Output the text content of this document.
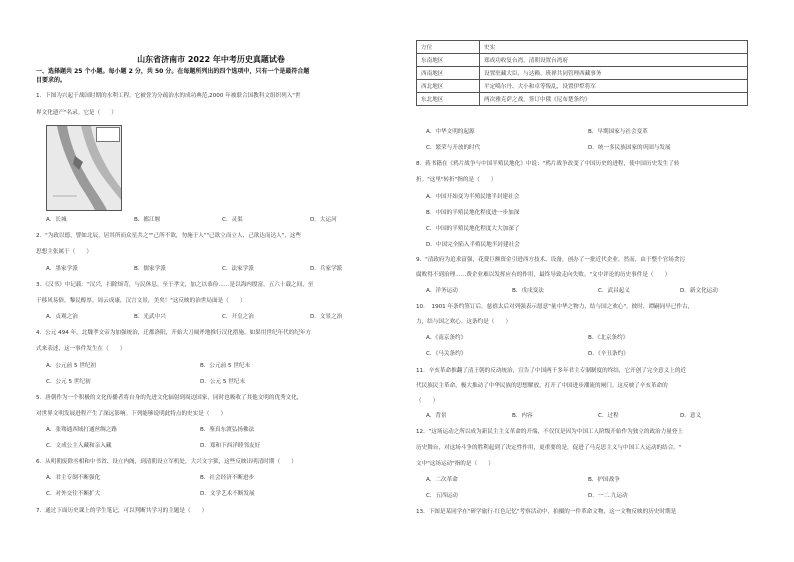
山东省济南市 2022 年中考历史真题试卷
一、选择题共 25 个小题。每小题 2 分，共 50 分。在每题所列出的四个选项中，只有一个是最符合题
目要求的。
1．下图为兴起于战国时期的水利工程。它被誉为分疏治水的成功典范,2000 年被联合国教科文组织列入"世
界文化遗产"名录。它是（　　）
A．长城	B．都江堰	C．灵渠	D．大运河
2．"为政以德，譬如北辰，居其所而众星共之""己所不欲，勿施于人""己欲立而立人，己欲达而达人"，这些
思想主张属于（　　）
A．墨家学派	B．儒家学派	C．法家学派	D．兵家学派
3．《汉书》中记载："汉兴，扫除烦苛，与民休息。至于孝文，加之以恭俭……是以海内殷富，五六十载之间，至
于移风易俗，黎民醇厚。周云成康，汉言文景，美矣！"这反映的治世局面是（　　）
A．贞观之治	B．光武中兴	C．开皇之治	D．文景之治
4．公元 494 年，北魏孝文帝为加强统治，迁都洛阳，开始大刀阔斧地推行汉化措施。如果用世纪年代的纪年方
式来表述，这一事件发生在（　　）
A．公元前 5 世纪初	B．公元前 5 世纪末
C．公元 5 世纪初	D．公元 5 世纪末
5．唐朝作为一个积极的文化传播者将自身的先进文化辐射到周边国家，同时也吸收了其他文明的优秀文化，
对世界文明发展进程产生了深远影响。下列能够说明此特点的史实是（　　）
A．张骞通西域打通丝绸之路	B．鉴真东渡弘扬佛法
C．文成公主入藏和亲入藏	D．郑和下西洋睦邻友好
6．从明朝废除丞相和中书省、设立内阁，到清朝设立军机处，大兴文字狱，这些反映出明清时期（　　）
A．君主专制不断强化	B．社会经济不断进步
C．对外交往不断扩大	D．文学艺术不断发展
7．通过下面历史课上的学生笔记，可以判断共学习的主题是（　　）
方位	史实
东南地区	郑成功收复台湾，清朝设置台湾府
西南地区	设置驻藏大臣，与达赖、班禅共同管理西藏事务
西北地区	平定噶尔丹、大小和卓等叛乱，设置伊犁将军
东北地区	两次雅克萨之战，签订中俄《尼布楚条约》
A．中华文明的起源	B．早期国家与社会变革
C．繁荣与开放的时代	D．统一多民族国家的巩固与发展
8．蒋书籍在《鸦片战争与中国半殖民地化》中说："鸦片战争改变了中国历史的进程，使中国历史发生了转
折。"这里"转折"指的是（　　）
A．中国开始变为半殖民地半封建社会
B．中国的半殖民地化程度进一步加深
C．中国的半殖民地化程度大大加深了
D．中国完全陷入半殖民地半封建社会
9．"清政府为追求富强，花费巨额资金引进西方技术、设备，创办了一批近代企业。然而，由于整个官场贪污
腐败得不到治理……费企业难以发挥应有的作用，最终导致走向失败。"文中评论的历史事件是（　　）
A．洋务运动	B．戊戌变法	C．武昌起义	D．新文化运动
10．　1901 年条约签订后，慈禧太后对列强表示愿意"量中华之物力，结与国之欢心"。彼时，谭嗣同早已作古，
力，结与国之欢心。这条约是（　　）
A．《南京条约》	B．《北京条约》
C．《马关条约》	D．《辛丑条约》
11．辛亥革命推翻了清王朝的反动统治，宣告了中国两千多年君主专制制度的终结，它开创了完全意义上的近
代民族民主革命，极大推动了中华民族的思想解放，打开了中国进步潮流的闸门。这反映了辛亥革命的
（　　）
A．背景	B．内容	C．过程	D．意义
12．"这场运动之所以成为新民主主义革命的开端，不仅仅是因为中国工人阶级开始作为独立的政治力量登上
历史舞台，对这场斗争的胜利起到了决定性作用，更重要的是，促进了马克思主义与中国工人运动的结合。"
文中"这场运动"指的是（　　）
A．二次革命	B．护国战争
C．五四运动	D．一二.九运动
13．下图是某同学在"研学旅行·红色记忆"考察活动中，拍摄的一件革命文物，这一文物反映的历史时期是
